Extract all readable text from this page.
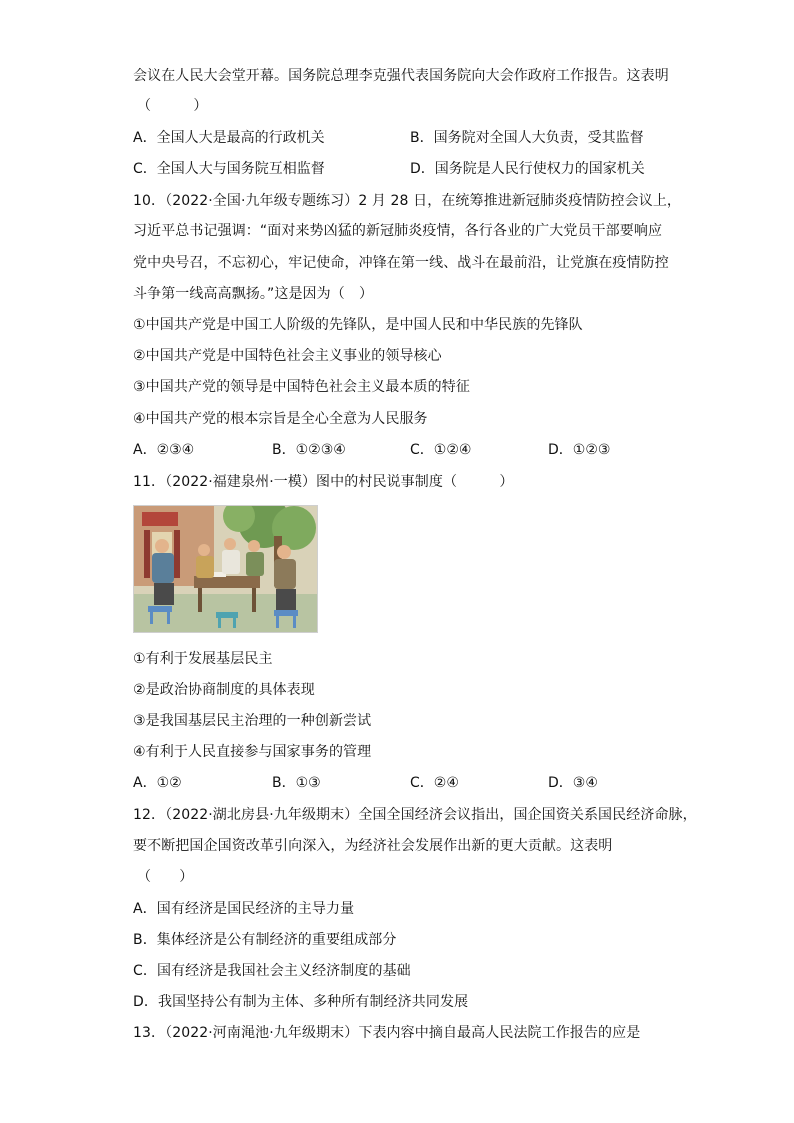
会议在人民大会堂开幕。国务院总理李克强代表国务院向大会作政府工作报告。这表明
（　　　）
A．全国人大是最高的行政机关	B．国务院对全国人大负责，受其监督
C．全国人大与国务院互相监督	D．国务院是人民行使权力的国家机关
10．（2022·全国·九年级专题练习）2 月 28 日，在统筹推进新冠肺炎疫情防控会议上，
习近平总书记强调：“面对来势凶猛的新冠肺炎疫情，各行各业的广大党员干部要响应
党中央号召，不忘初心，牢记使命，冲锋在第一线、战斗在最前沿，让党旗在疫情防控
斗争第一线高高飘扬。”这是因为（　）
①中国共产党是中国工人阶级的先锋队，是中国人民和中华民族的先锋队
②中国共产党是中国特色社会主义事业的领导核心
③中国共产党的领导是中国特色社会主义最本质的特征
④中国共产党的根本宗旨是全心全意为人民服务
A．②③④	B．①②③④	C．①②④	D．①②③
11．（2022·福建泉州·一模）图中的村民说事制度（　　　）
①有利于发展基层民主
②是政治协商制度的具体表现
③是我国基层民主治理的一种创新尝试
④有利于人民直接参与国家事务的管理
A．①②	B．①③	C．②④	D．③④
12．（2022·湖北房县·九年级期末）全国全国经济会议指出，国企国资关系国民经济命脉，
要不断把国企国资改革引向深入，为经济社会发展作出新的更大贡献。这表明
（　　）
A．国有经济是国民经济的主导力量
B．集体经济是公有制经济的重要组成部分
C．国有经济是我国社会主义经济制度的基础
D．我国坚持公有制为主体、多种所有制经济共同发展
13．（2022·河南渑池·九年级期末）下表内容中摘自最高人民法院工作报告的应是
